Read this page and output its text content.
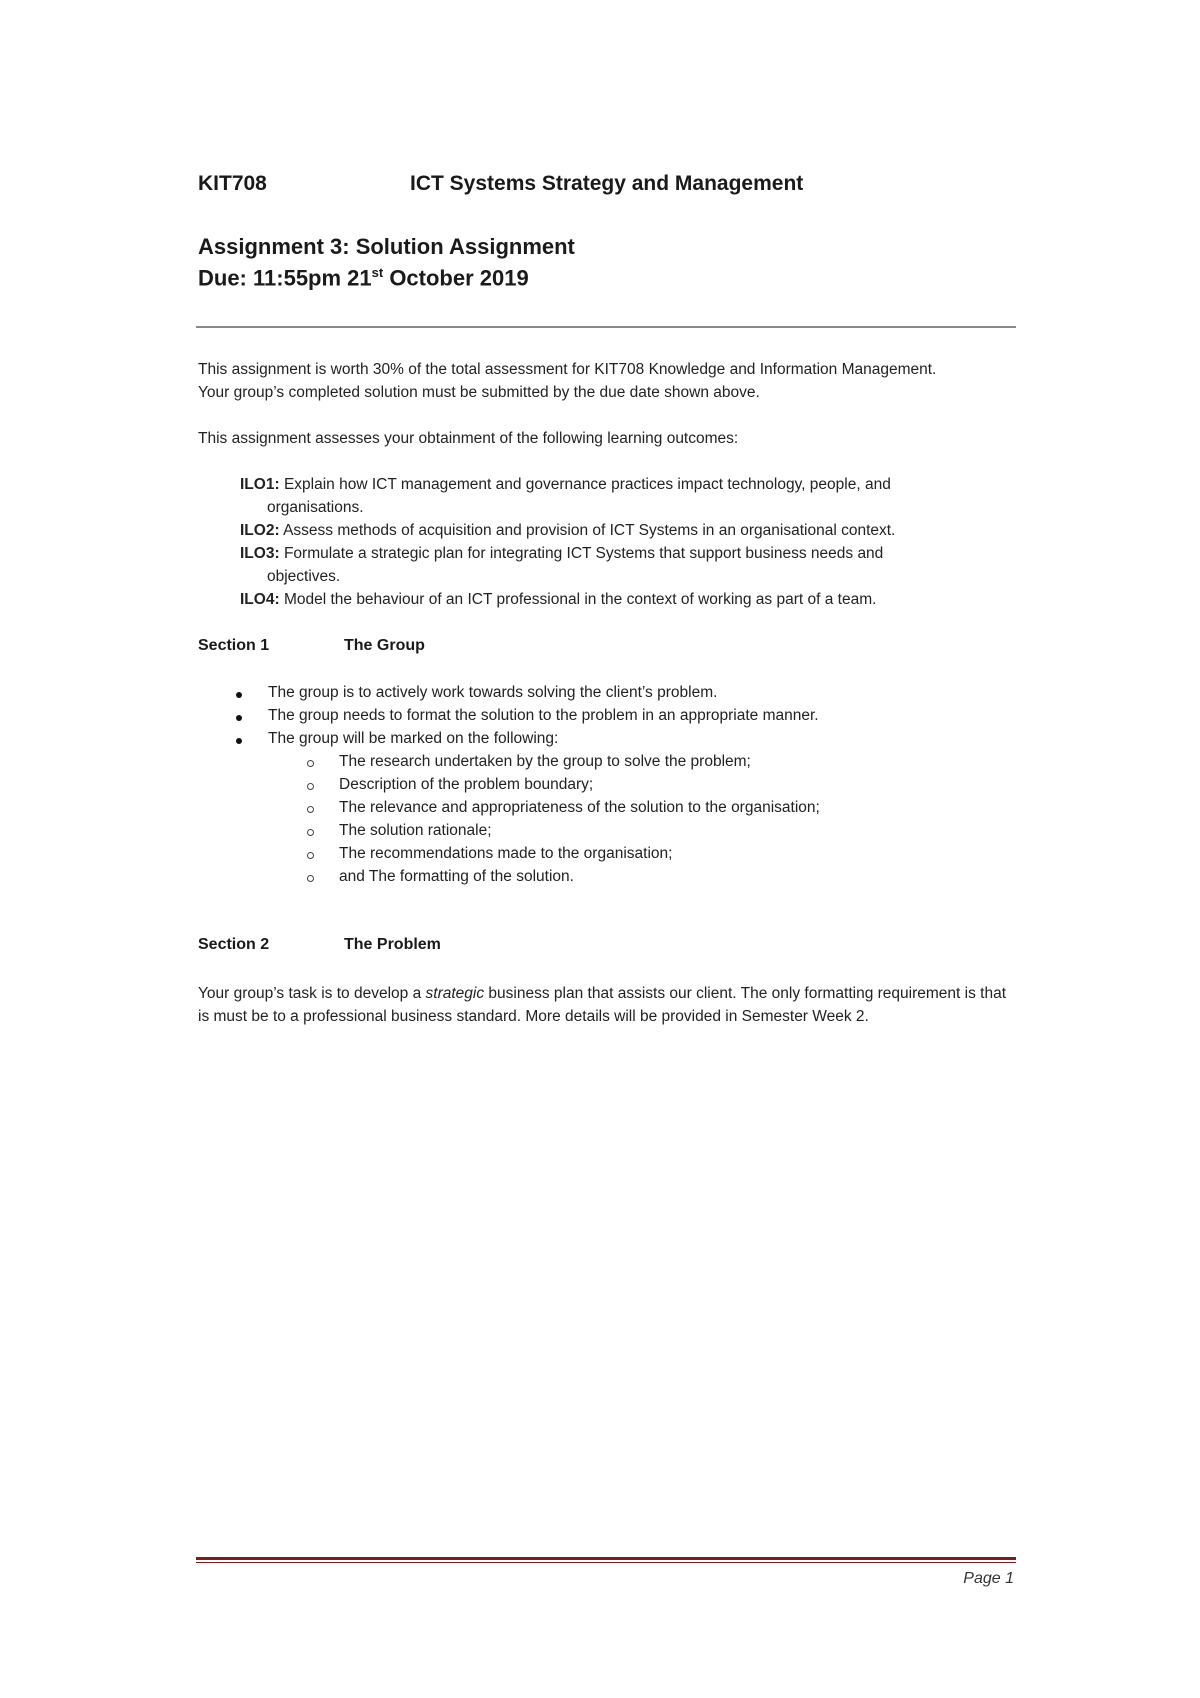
KIT708	ICT Systems Strategy and Management
Assignment 3: Solution Assignment
Due: 11:55pm 21st October 2019
This assignment is worth 30% of the total assessment for KIT708 Knowledge and Information Management.
Your group’s completed solution must be submitted by the due date shown above.
This assignment assesses your obtainment of the following learning outcomes:
ILO1: Explain how ICT management and governance practices impact technology, people, and
organisations.
ILO2: Assess methods of acquisition and provision of ICT Systems in an organisational context.
ILO3: Formulate a strategic plan for integrating ICT Systems that support business needs and
objectives.
ILO4: Model the behaviour of an ICT professional in the context of working as part of a team.
Section 1	The Group
The group is to actively work towards solving the client’s problem.
The group needs to format the solution to the problem in an appropriate manner.
The group will be marked on the following:
The research undertaken by the group to solve the problem;
Description of the problem boundary;
The relevance and appropriateness of the solution to the organisation;
The solution rationale;
The recommendations made to the organisation;
and The formatting of the solution.
Section 2	The Problem
Your group’s task is to develop a strategic business plan that assists our client. The only formatting requirement is that is must be to a professional business standard. More details will be provided in Semester Week 2.
Page 1
